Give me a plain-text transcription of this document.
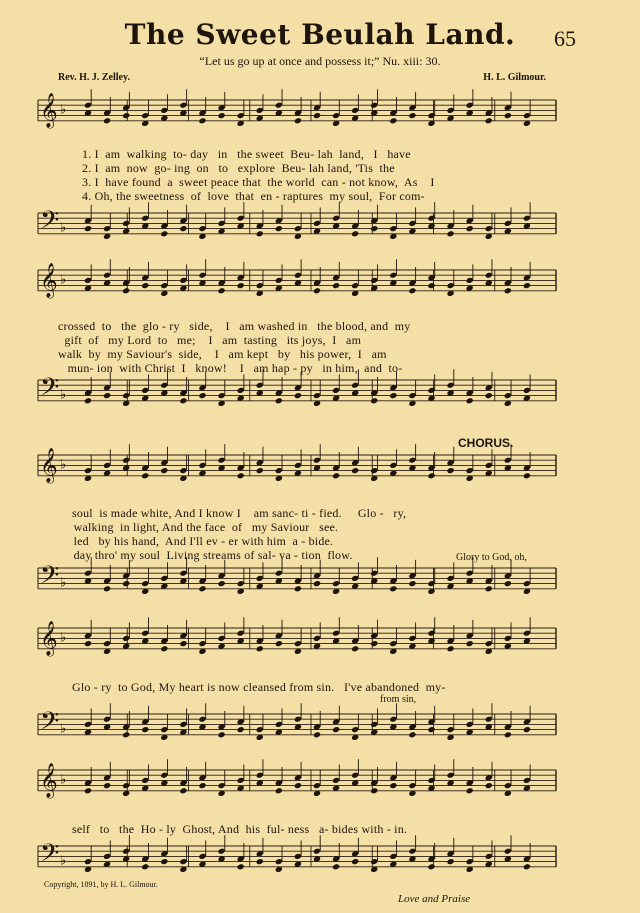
The Sweet Beulah Land.	65
“Let us go up at once and possess it;” Nu. xiii: 30.
Rev. H. J. Zelley.	H. L. Gilmour.
𝄞 ♭
𝄢 ♭
𝄞 ♭
𝄢 ♭
𝄞 ♭
𝄢 ♭
𝄞 ♭
𝄢 ♭
𝄞 ♭
𝄢 ♭
1. I  am  walking  to- day   in   the sweet  Beu- lah  land,   I   have
2. I  am  now  go- ing  on   to   explore  Beu- lah land, 'Tis  the
3. I  have found  a  sweet peace that  the world  can - not know,  As    I
4. Oh, the sweetness  of  love  that  en - raptures  my soul,  For com-
crossed  to   the  glo - ry   side,    I   am washed in   the blood, and  my
gift  of   my Lord  to   me;    I   am  tasting   its joys,  I   am
walk  by  my Saviour's  side,    I   am kept   by   his power,  I   am
mun- ion  with Christ  I   know!    I   am hap - py   in him,  and  to-
CHORUS.
soul  is made white, And I know I    am sanc- ti - fied.     Glo -   ry,
walking  in light, And the face  of   my Saviour   see.
led   by his hand,  And I'll ev - er with him  a - bide.
day thro' my soul  Living streams of sal- va - tion  flow.	Glory to God, oh,
Glo - ry  to God, My heart is now cleansed from sin.   I've abandoned  my-
from sin,
self   to   the  Ho - ly  Ghost, And  his  ful- ness   a- bides with - in.
Copyright, 1891, by H. L. Gilmour.
Love and Praise
